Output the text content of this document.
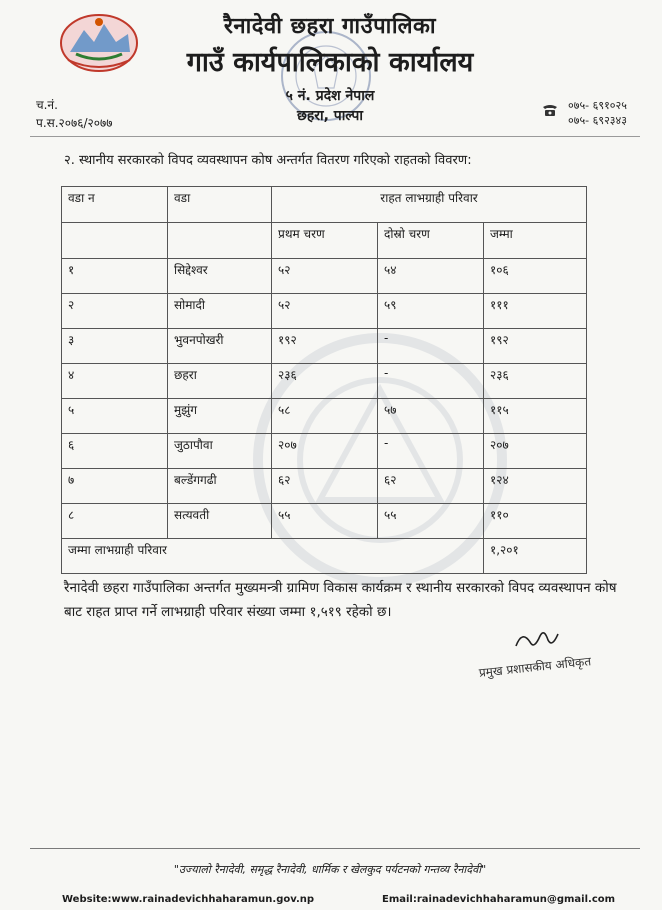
रैनादेवी छहरा गाउँपालिका
गाउँ कार्यपालिकाको कार्यालय
५ नं. प्रदेश नेपाल
छहरा, पाल्पा
च.नं.
प.स.२०७६/२०७७
०७५- ६९१०२५
०७५- ६९२३४३
२. स्थानीय सरकारको विपद व्यवस्थापन कोष अन्तर्गत वितरण गरिएको राहतको विवरण:
वडा न	वडा	राहत लाभग्राही परिवार		
		प्रथम चरण	दोस्रो चरण	जम्मा
१	सिद्देश्वर	५२	५४	१०६
२	सोमादी	५२	५९	१११
३	भुवनपोखरी	१९२	-	१९२
४	छहरा	२३६	-	२३६
५	मुझुंग	५८	५७	११५
६	जुठापौवा	२०७	-	२०७
७	बल्डेंगगढी	६२	६२	१२४
८	सत्यवती	५५	५५	११०
जम्मा लाभग्राही परिवार				१,२०१
रैनादेवी छहरा गाउँपालिका अन्तर्गत मुख्यमन्त्री ग्रामिण विकास कार्यक्रम र स्थानीय सरकारको विपद व्यवस्थापन कोष बाट राहत प्राप्त गर्ने लाभग्राही परिवार संख्या जम्मा १,५१९ रहेको छ।
प्रमुख प्रशासकीय अधिकृत
"उज्यालो रैनादेवी, समृद्ध रैनादेवी, धार्मिक र खेलकुद पर्यटनको गन्तव्य रैनादेवी"
Website:www.rainadevichhaharamun.gov.np	Email:rainadevichhaharamun@gmail.com
